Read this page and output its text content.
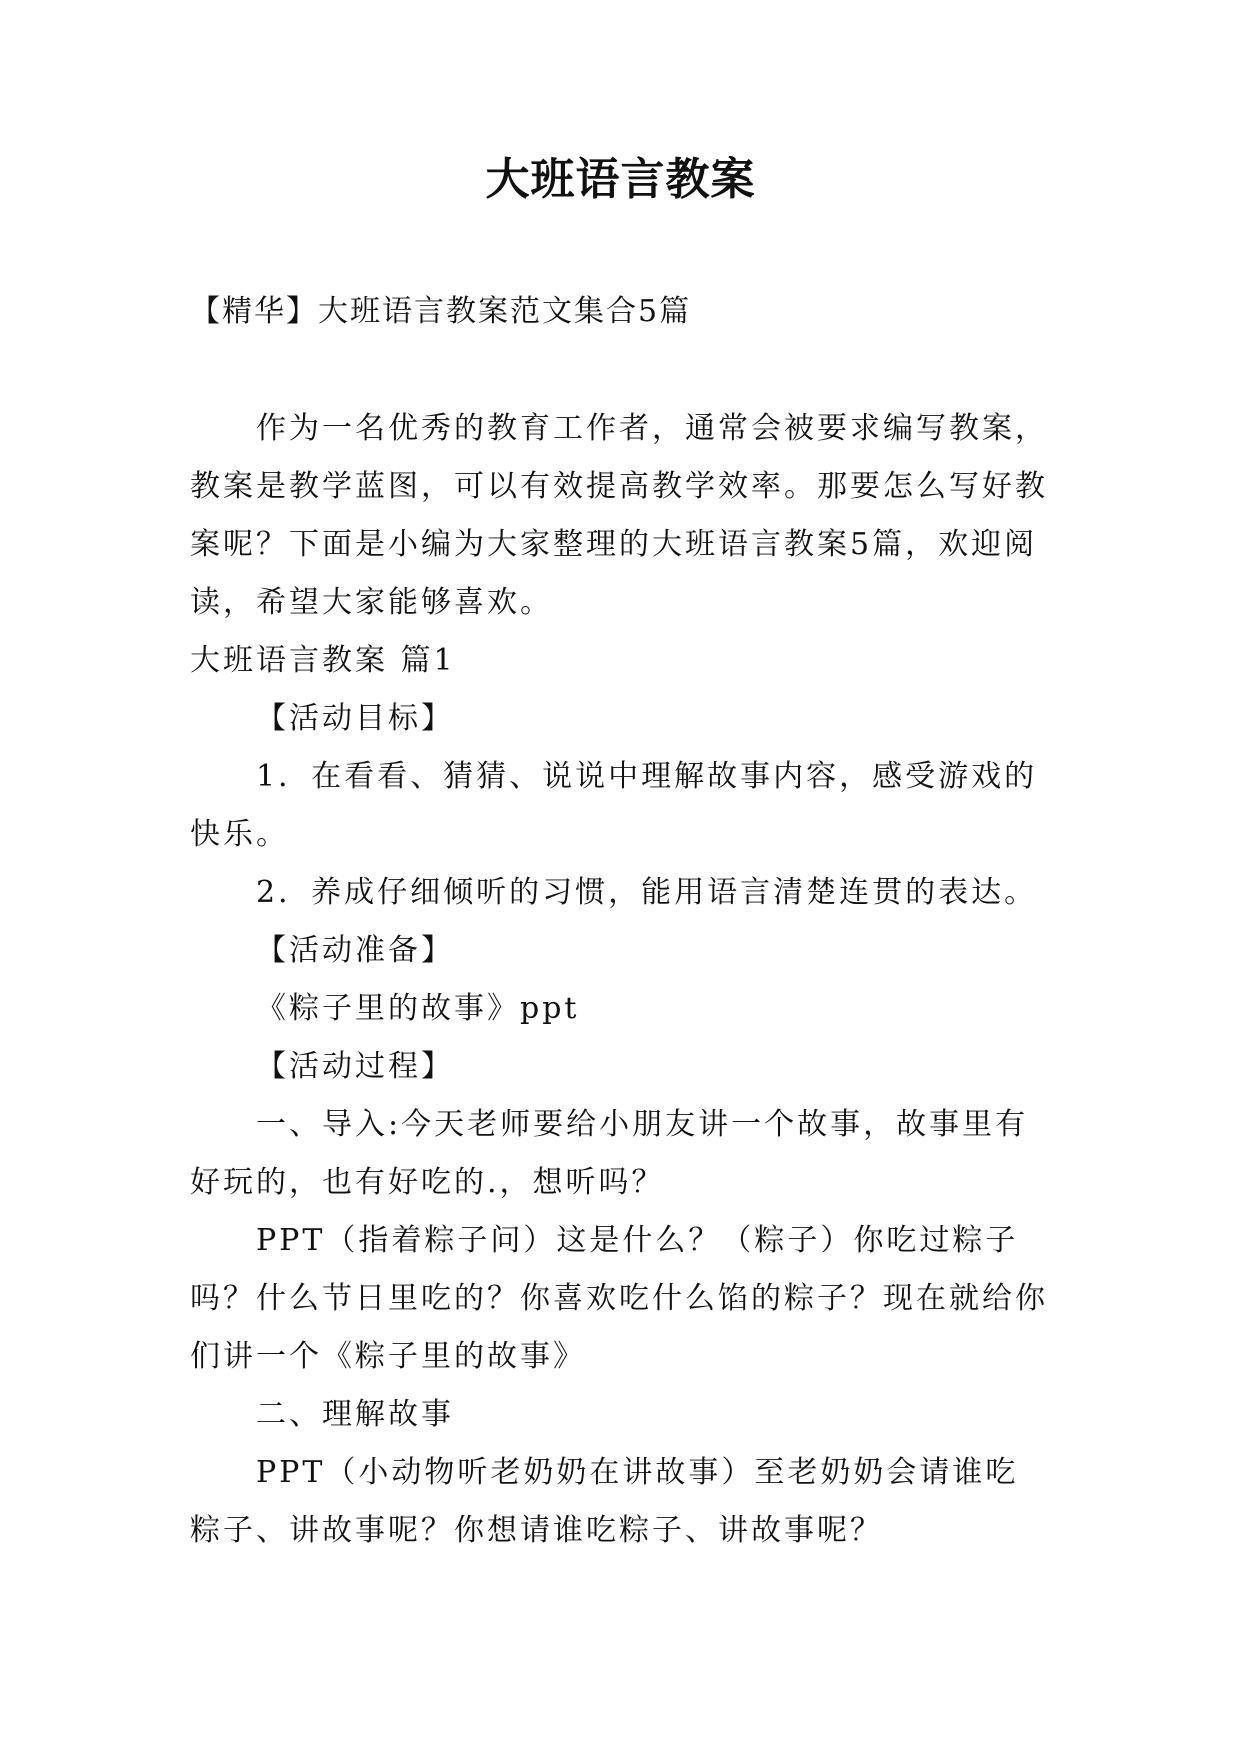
大班语言教案
【精华】大班语言教案范文集合5篇

作为一名优秀的教育工作者，通常会被要求编写教案，教案是教学蓝图，可以有效提高教学效率。那要怎么写好教案呢？下面是小编为大家整理的大班语言教案5篇，欢迎阅读，希望大家能够喜欢。

大班语言教案 篇1

【活动目标】

1．在看看、猜猜、说说中理解故事内容，感受游戏的快乐。

2．养成仔细倾听的习惯，能用语言清楚连贯的表达。

【活动准备】

《粽子里的故事》ppt

【活动过程】

一、导入:今天老师要给小朋友讲一个故事，故事里有好玩的，也有好吃的.，想听吗？

PPT（指着粽子问）这是什么？（粽子）你吃过粽子吗？什么节日里吃的？你喜欢吃什么馅的粽子？现在就给你们讲一个《粽子里的故事》

二、理解故事

PPT（小动物听老奶奶在讲故事）至老奶奶会请谁吃粽子、讲故事呢？你想请谁吃粽子、讲故事呢？
